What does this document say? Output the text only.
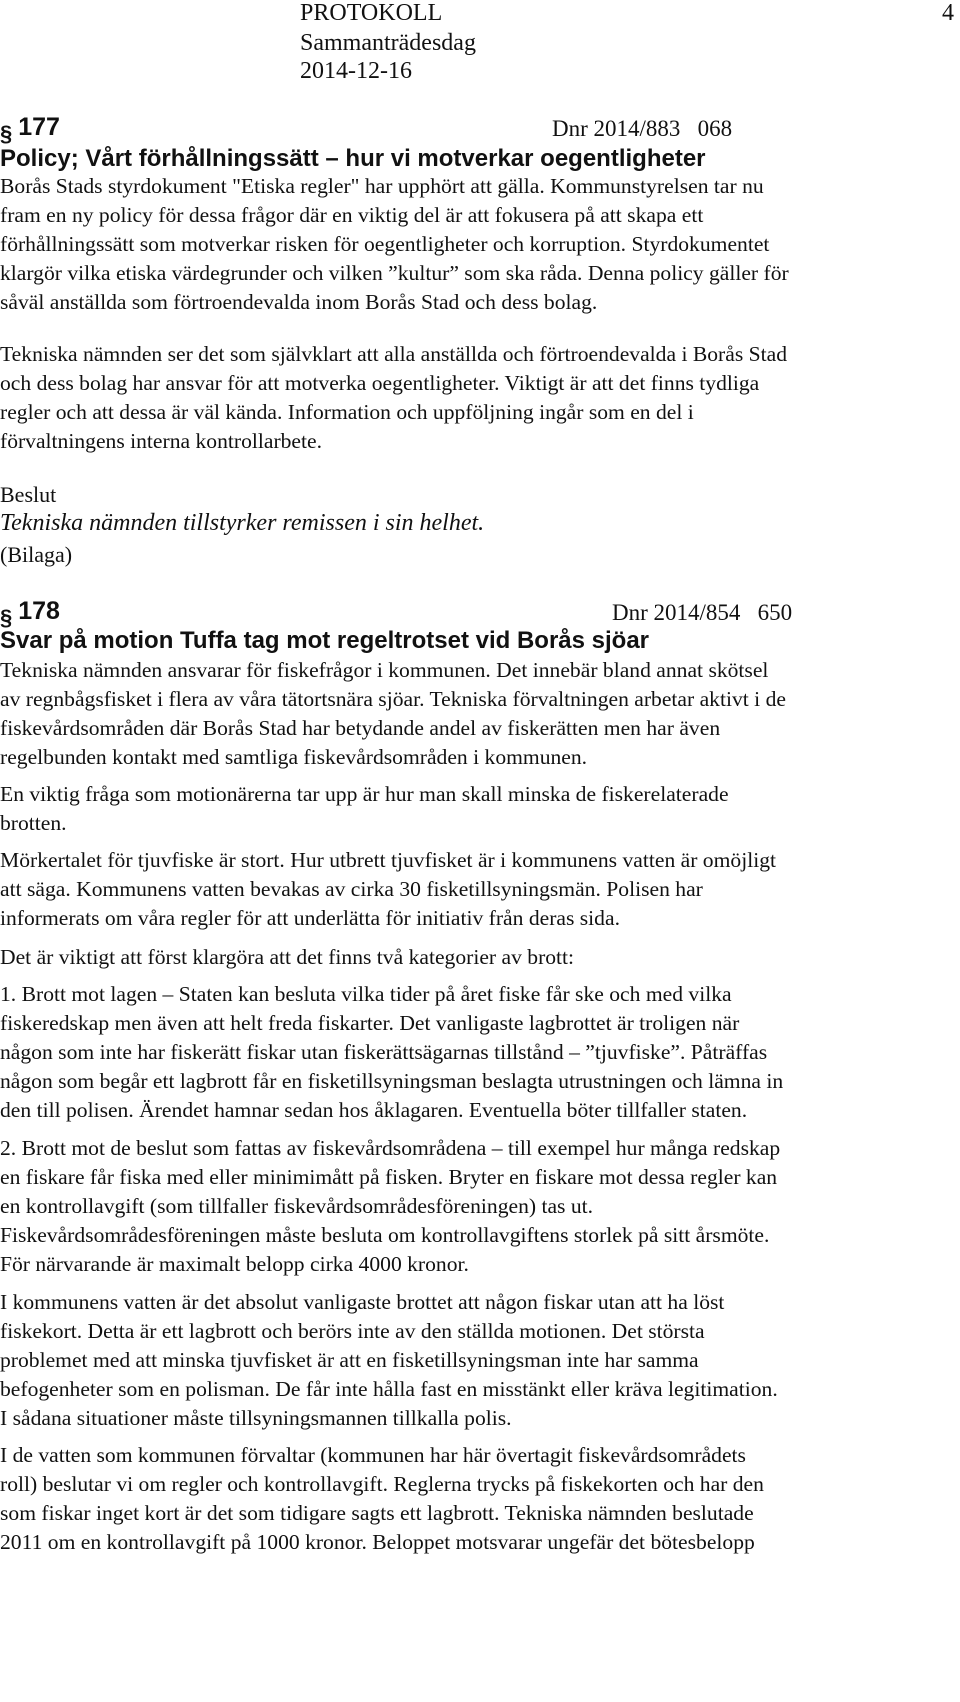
PROTOKOLL
Sammanträdesdag
2014-12-16
4
§ 177	Dnr 2014/883   068
Policy; Vårt förhållningssätt – hur vi motverkar oegentligheter

Borås Stads styrdokument "Etiska regler" har upphört att gälla. Kommunstyrelsen tar nu

fram en ny policy för dessa frågor där en viktig del är att fokusera på att skapa ett

förhållningssätt som motverkar risken för oegentligheter och korruption. Styrdokumentet

klargör vilka etiska värdegrunder och vilken ”kultur” som ska råda. Denna policy gäller för

såväl anställda som förtroendevalda inom Borås Stad och dess bolag.

Tekniska nämnden ser det som självklart att alla anställda och förtroendevalda i Borås Stad

och dess bolag har ansvar för att motverka oegentligheter. Viktigt är att det finns tydliga

regler och att dessa är väl kända. Information och uppföljning ingår som en del i

förvaltningens interna kontrollarbete.

Beslut
Tekniska nämnden tillstyrker remissen i sin helhet.
(Bilaga)
§ 178	Dnr 2014/854   650
Svar på motion Tuffa tag mot regeltrotset vid Borås sjöar

Tekniska nämnden ansvarar för fiskefrågor i kommunen. Det innebär bland annat skötsel

av regnbågsfisket i flera av våra tätortsnära sjöar. Tekniska förvaltningen arbetar aktivt i de

fiskevårdsområden där Borås Stad har betydande andel av fiskerätten men har även

regelbunden kontakt med samtliga fiskevårdsområden i kommunen.

En viktig fråga som motionärerna tar upp är hur man skall minska de fiskerelaterade

brotten.

Mörkertalet för tjuvfiske är stort. Hur utbrett tjuvfisket är i kommunens vatten är omöjligt

att säga. Kommunens vatten bevakas av cirka 30 fisketillsyningsmän. Polisen har

informerats om våra regler för att underlätta för initiativ från deras sida.

Det är viktigt att först klargöra att det finns två kategorier av brott:

1. Brott mot lagen – Staten kan besluta vilka tider på året fiske får ske och med vilka

fiskeredskap men även att helt freda fiskarter. Det vanligaste lagbrottet är troligen när

någon som inte har fiskerätt fiskar utan fiskerättsägarnas tillstånd – ”tjuvfiske”. Påträffas

någon som begår ett lagbrott får en fisketillsyningsman beslagta utrustningen och lämna in

den till polisen. Ärendet hamnar sedan hos åklagaren. Eventuella böter tillfaller staten.

2. Brott mot de beslut som fattas av fiskevårdsområdena – till exempel hur många redskap

en fiskare får fiska med eller minimimått på fisken. Bryter en fiskare mot dessa regler kan

en kontrollavgift (som tillfaller fiskevårdsområdesföreningen) tas ut.

Fiskevårdsområdesföreningen måste besluta om kontrollavgiftens storlek på sitt årsmöte.

För närvarande är maximalt belopp cirka 4000 kronor.

I kommunens vatten är det absolut vanligaste brottet att någon fiskar utan att ha löst

fiskekort. Detta är ett lagbrott och berörs inte av den ställda motionen. Det största

problemet med att minska tjuvfisket är att en fisketillsyningsman inte har samma

befogenheter som en polisman. De får inte hålla fast en misstänkt eller kräva legitimation.

I sådana situationer måste tillsyningsmannen tillkalla polis.

I de vatten som kommunen förvaltar (kommunen har här övertagit fiskevårdsområdets

roll) beslutar vi om regler och kontrollavgift. Reglerna trycks på fiskekorten och har den

som fiskar inget kort är det som tidigare sagts ett lagbrott. Tekniska nämnden beslutade

2011 om en kontrollavgift på 1000 kronor. Beloppet motsvarar ungefär det bötesbelopp
